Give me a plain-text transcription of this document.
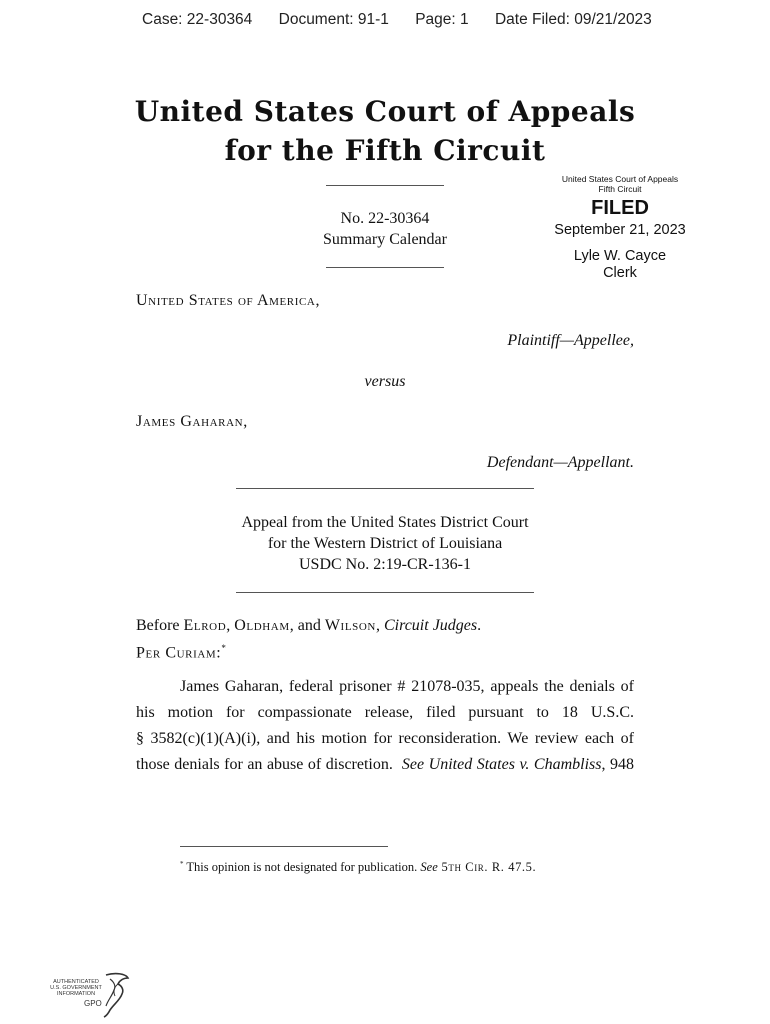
Case: 22-30364 Document: 91-1 Page: 1 Date Filed: 09/21/2023
United States Court of Appeals
for the Fifth Circuit
No. 22-30364
Summary Calendar
United States Court of Appeals
Fifth Circuit
FILED
September 21, 2023
Lyle W. Cayce
Clerk
United States of America,
Plaintiff—Appellee,
versus
James Gaharan,
Defendant—Appellant.
Appeal from the United States District Court
for the Western District of Louisiana
USDC No. 2:19-CR-136-1
Before Elrod, Oldham, and Wilson, Circuit Judges.
Per Curiam:*
James Gaharan, federal prisoner # 21078-035, appeals the denials of
his motion for compassionate release, filed pursuant to 18 U.S.C.
§ 3582(c)(1)(A)(i), and his motion for reconsideration. We review each of
those denials for an abuse of discretion.  See United States v. Chambliss, 948
* This opinion is not designated for publication. See 5th Cir. R. 47.5.
AUTHENTICATED
U.S. GOVERNMENT
INFORMATION
GPO
